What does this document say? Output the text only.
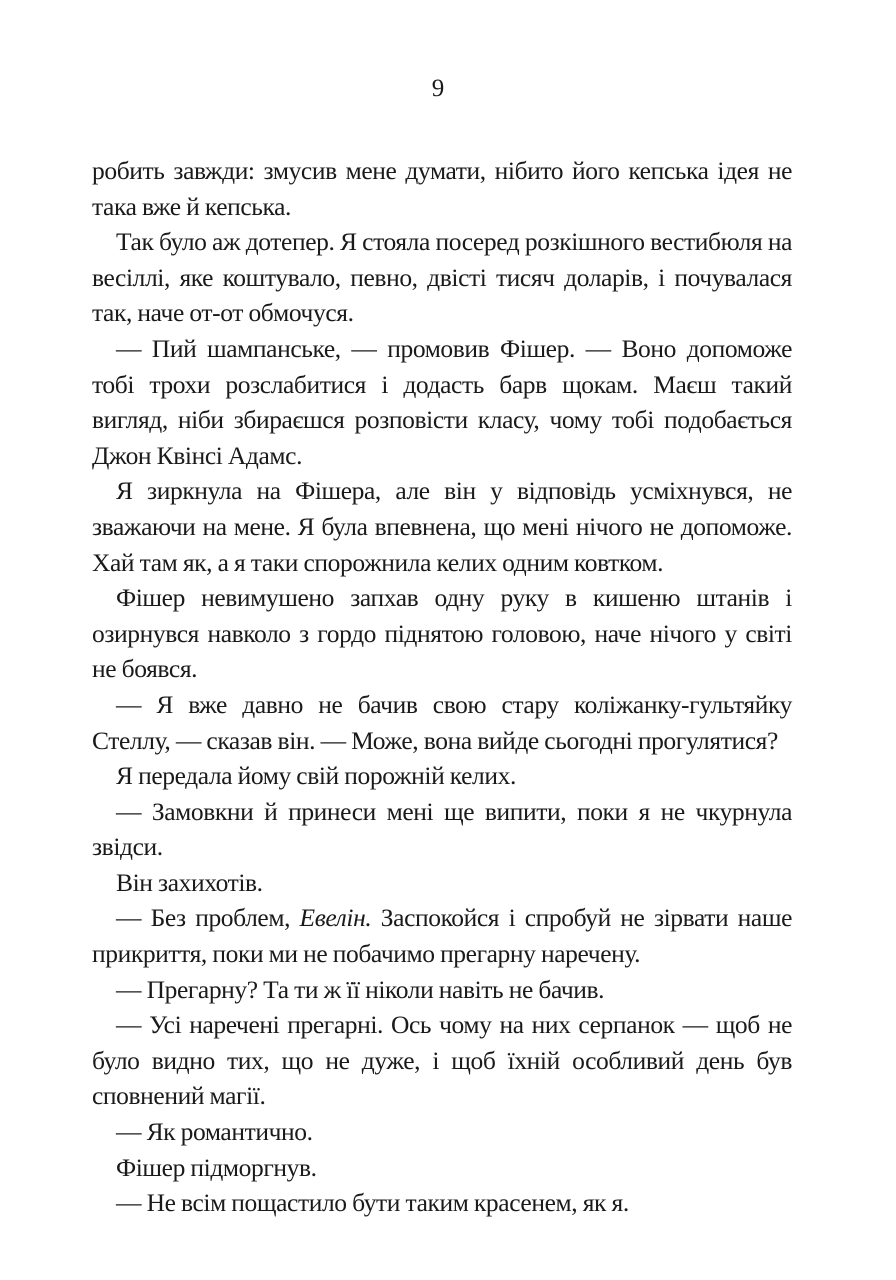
9

робить завжди: змусив мене думати, нібито його кепська ідея не така вже й кепська.

Так було аж дотепер. Я стояла посеред розкішного вестибюля на весіллі, яке коштувало, певно, двісті тисяч доларів, і почувалася так, наче от-от обмочуся.

— Пий шампанське, — промовив Фішер. — Воно допоможе тобі трохи розслабитися і додасть барв щокам. Маєш такий вигляд, ніби збираєшся розповісти класу, чому тобі подобається Джон Квінсі Адамс.

Я зиркнула на Фішера, але він у відповідь усміхнувся, не зважаючи на мене. Я була впевнена, що мені нічого не допоможе. Хай там як, а я таки спорожнила келих одним ковтком.

Фішер невимушено запхав одну руку в кишеню штанів і озирнувся навколо з гордо піднятою головою, наче нічого у світі не боявся.

— Я вже давно не бачив свою стару коліжанку-гультяйку Стеллу, — сказав він. — Може, вона вийде сьогодні прогулятися?

Я передала йому свій порожній келих.

— Замовкни й принеси мені ще випити, поки я не чкурнула звідси.

Він захихотів.

— Без проблем, Евелін. Заспокойся і спробуй не зірвати наше прикриття, поки ми не побачимо прегарну наречену.

— Прегарну? Та ти ж її ніколи навіть не бачив.

— Усі наречені прегарні. Ось чому на них серпанок — щоб не було видно тих, що не дуже, і щоб їхній особливий день був сповнений магії.

— Як романтично.

Фішер підморгнув.

— Не всім пощастило бути таким красенем, як я.
